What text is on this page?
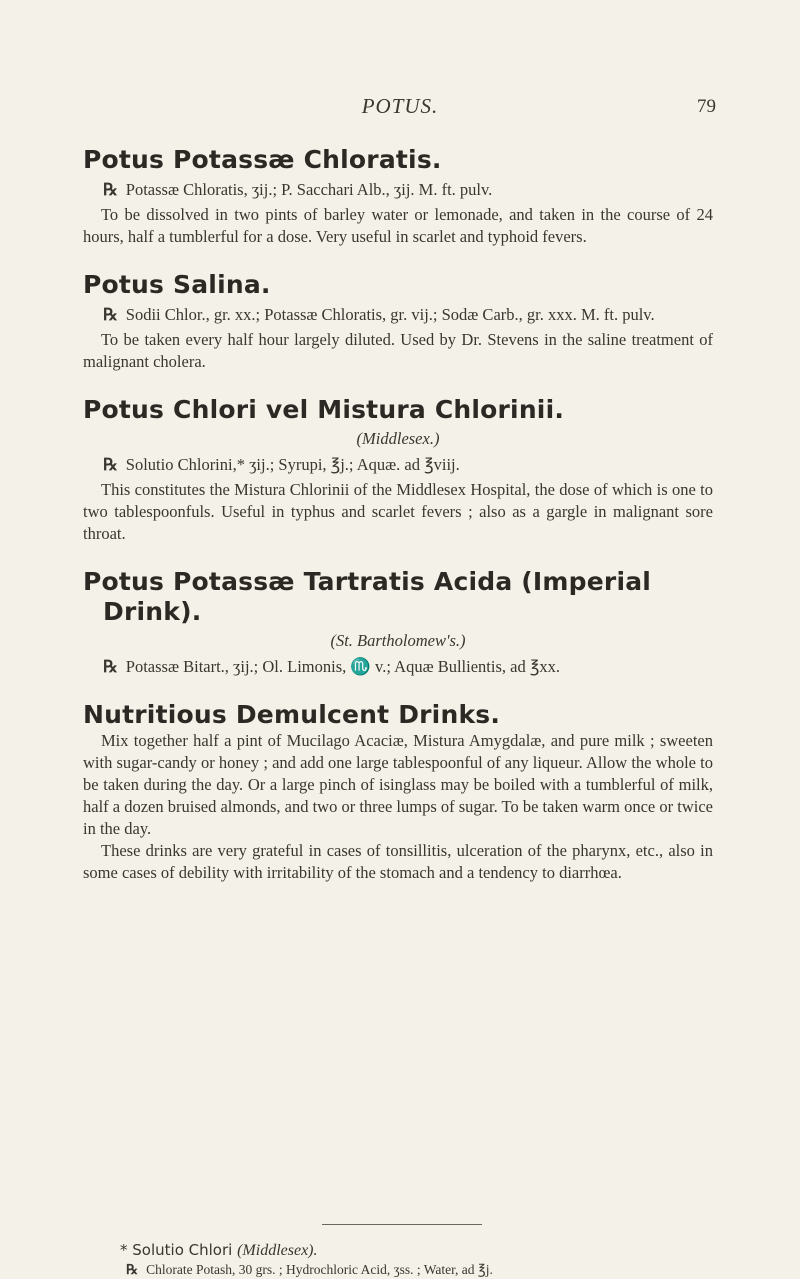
POTUS.	79
Potus Potassæ Chloratis.
℞ Potassæ Chloratis, ʒij.; P. Sacchari Alb., ʒij. M. ft. pulv.

To be dissolved in two pints of barley water or lemonade, and taken in the course of 24 hours, half a tumblerful for a dose. Very useful in scarlet and typhoid fevers.

Potus Salina.
℞ Sodii Chlor., gr. xx.; Potassæ Chloratis, gr. vij.; Sodæ Carb., gr. xxx. M. ft. pulv.

To be taken every half hour largely diluted. Used by Dr. Stevens in the saline treatment of malignant cholera.

Potus Chlori vel Mistura Chlorinii.
(Middlesex.)
℞ Solutio Chlorini,* ʒij.; Syrupi, ℥j.; Aquæ. ad ℥viij.

This constitutes the Mistura Chlorinii of the Middlesex Hospital, the dose of which is one to two tablespoonfuls. Useful in typhus and scarlet fevers ; also as a gargle in malignant sore throat.

Potus Potassæ Tartratis Acida (Imperial Drink).
(St. Bartholomew's.)
℞ Potassæ Bitart., ʒij.; Ol. Limonis, ♏ v.; Aquæ Bullientis, ad ℥xx.
Nutritious Demulcent Drinks.

Mix together half a pint of Mucilago Acaciæ, Mistura Amygdalæ, and pure milk ; sweeten with sugar-candy or honey ; and add one large tablespoonful of any liqueur. Allow the whole to be taken during the day. Or a large pinch of isinglass may be boiled with a tumblerful of milk, half a dozen bruised almonds, and two or three lumps of sugar. To be taken warm once or twice in the day.

These drinks are very grateful in cases of tonsillitis, ulceration of the pharynx, etc., also in some cases of debility with irritability of the stomach and a tendency to diarrhœa.

* Solutio Chlori (Middlesex).
℞ Chlorate Potash, 30 grs. ; Hydrochloric Acid, ʒss. ; Water, ad ℥j.
